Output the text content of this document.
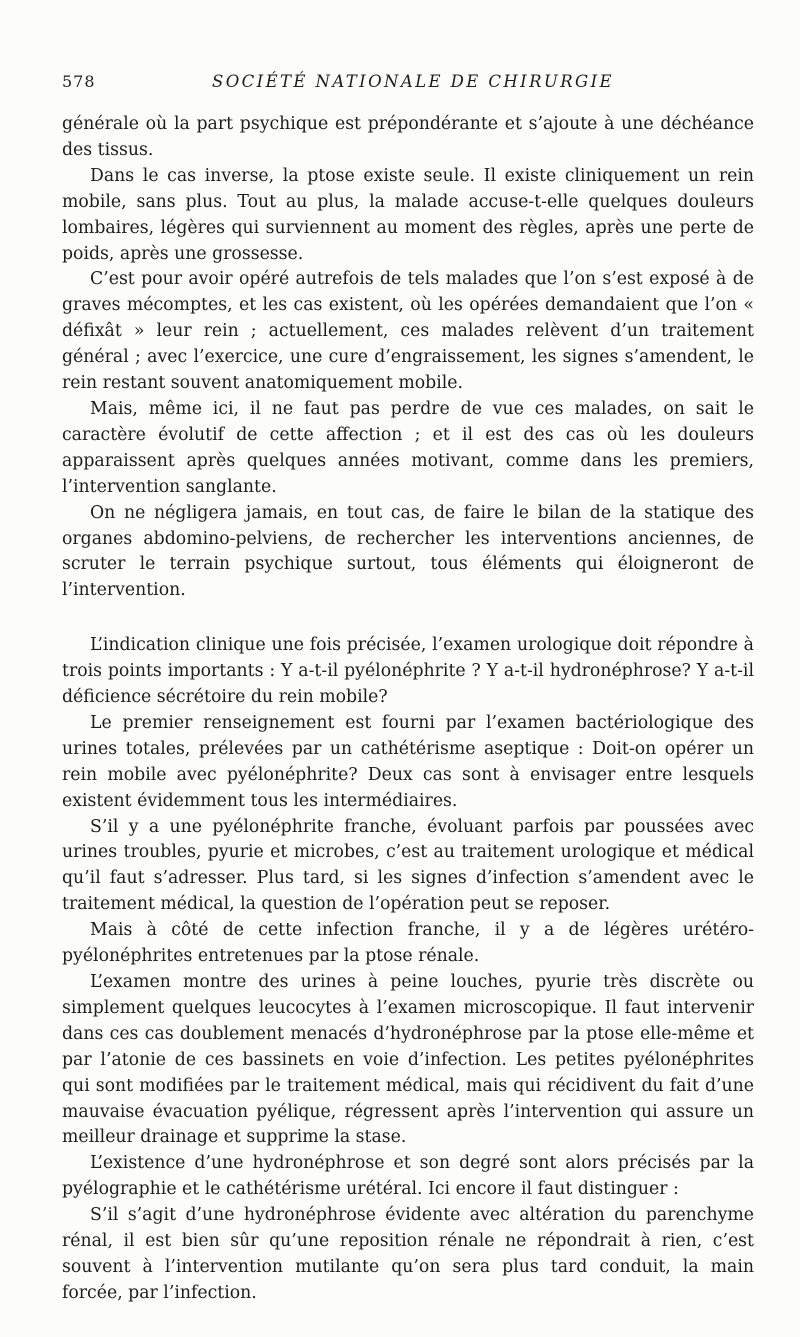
578	SOCIÉTÉ NATIONALE DE CHIRURGIE

générale où la part psychique est prépondérante et s’ajoute à une déchéance des tissus.

Dans le cas inverse, la ptose existe seule. Il existe cliniquement un rein mobile, sans plus. Tout au plus, la malade accuse-t-elle quelques douleurs lombaires, légères qui surviennent au moment des règles, après une perte de poids, après une grossesse.

C’est pour avoir opéré autrefois de tels malades que l’on s’est exposé à de graves mécomptes, et les cas existent, où les opérées demandaient que l’on « défixât » leur rein ; actuellement, ces malades relèvent d’un traitement général ; avec l’exercice, une cure d’engraissement, les signes s’amendent, le rein restant souvent anatomiquement mobile.

Mais, même ici, il ne faut pas perdre de vue ces malades, on sait le caractère évolutif de cette affection ; et il est des cas où les douleurs apparaissent après quelques années motivant, comme dans les premiers, l’intervention sanglante.

On ne négligera jamais, en tout cas, de faire le bilan de la statique des organes abdomino-pelviens, de rechercher les interventions anciennes, de scruter le terrain psychique surtout, tous éléments qui éloigneront de l’intervention.

L’indication clinique une fois précisée, l’examen urologique doit répondre à trois points importants : Y a-t-il pyélonéphrite ? Y a-t-il hydronéphrose? Y a-t-il déficience sécrétoire du rein mobile?

Le premier renseignement est fourni par l’examen bactériologique des urines totales, prélevées par un cathétérisme aseptique : Doit-on opérer un rein mobile avec pyélonéphrite? Deux cas sont à envisager entre lesquels existent évidemment tous les intermédiaires.

S’il y a une pyélonéphrite franche, évoluant parfois par poussées avec urines troubles, pyurie et microbes, c’est au traitement urologique et médical qu’il faut s’adresser. Plus tard, si les signes d’infection s’amendent avec le traitement médical, la question de l’opération peut se reposer.

Mais à côté de cette infection franche, il y a de légères urétéro-pyélonéphrites entretenues par la ptose rénale.

L’examen montre des urines à peine louches, pyurie très discrète ou simplement quelques leucocytes à l’examen microscopique. Il faut intervenir dans ces cas doublement menacés d’hydronéphrose par la ptose elle-même et par l’atonie de ces bassinets en voie d’infection. Les petites pyélonéphrites qui sont modifiées par le traitement médical, mais qui récidivent du fait d’une mauvaise évacuation pyélique, régressent après l’intervention qui assure un meilleur drainage et supprime la stase.

L’existence d’une hydronéphrose et son degré sont alors précisés par la pyélographie et le cathétérisme urétéral. Ici encore il faut distinguer :

S’il s’agit d’une hydronéphrose évidente avec altération du parenchyme rénal, il est bien sûr qu’une reposition rénale ne répondrait à rien, c’est souvent à l’intervention mutilante qu’on sera plus tard conduit, la main forcée, par l’infection.
